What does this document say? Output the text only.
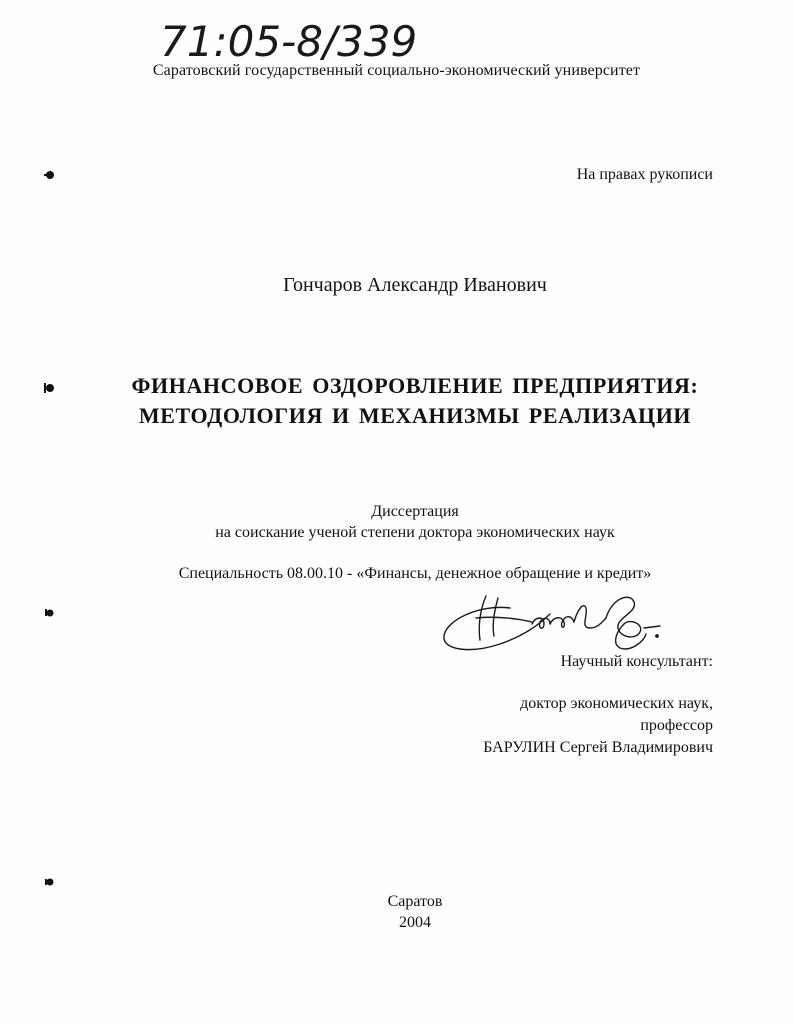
71:05-8/339
Саратовский государственный социально-экономический университет
На правах рукописи
Гончаров Александр Иванович
ФИНАНСОВОЕ ОЗДОРОВЛЕНИЕ ПРЕДПРИЯТИЯ:
МЕТОДОЛОГИЯ И МЕХАНИЗМЫ РЕАЛИЗАЦИИ
Диссертация
на соискание ученой степени доктора экономических наук
Специальность 08.00.10 - «Финансы, денежное обращение и кредит»
Научный консультант:
доктор экономических наук,
профессор
БАРУЛИН Сергей Владимирович
Саратов
2004
